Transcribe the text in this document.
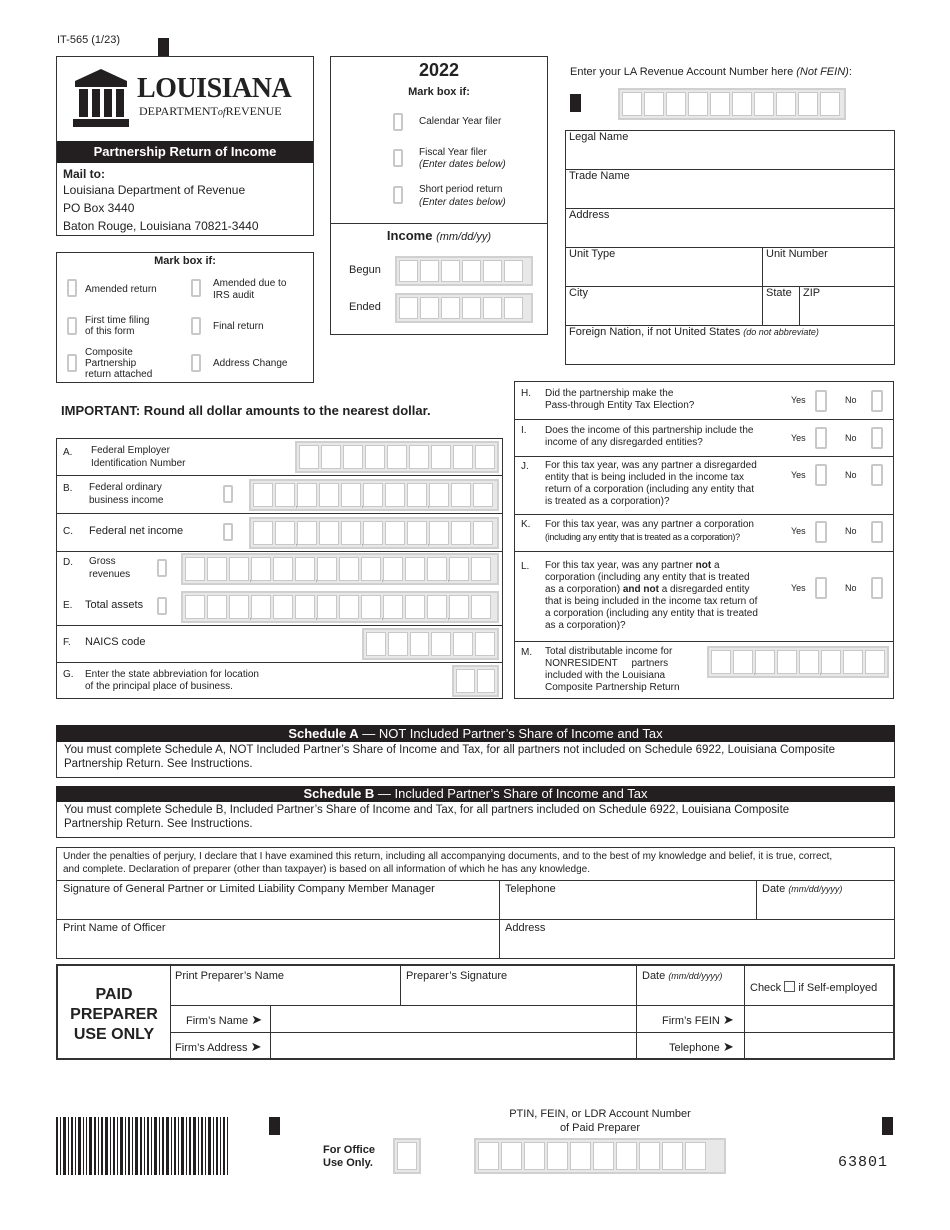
IT-565 (1/23)
LOUISIANA
DEPARTMENTofREVENUE
Partnership Return of Income
Mail to:
Louisiana Department of Revenue
PO Box 3440
Baton Rouge, Louisiana 70821-3440
2022
Mark box if:
Calendar Year filer
Fiscal Year filer
(Enter dates below)
Short period return
(Enter dates below)
Income (mm/dd/yy)
Begun
Ended
Enter your LA Revenue Account Number here (Not FEIN):
Legal Name
Trade Name
Address
Unit Type	Unit Number
City	State ZIP
Foreign Nation, if not United States (do not abbreviate)
Mark box if:
Amended return
Amended due to
IRS audit
First time filing
of this form	Final return
Composite
Partnership
return attached
Address Change
IMPORTANT: Round all dollar amounts to the nearest dollar.
A. Federal Employer
Identification Number
B. Federal ordinary
business income
,
,
,
C. Federal net income
,
,
,
D. Gross
revenues
,
,
,
,
E. Total assets
,
,
,
,
F. NAICS code
G. Enter the state abbreviation for location
of the principal place of business.
H. Did the partnership make the
Pass-through Entity Tax Election?	Yes	No
I. Does the income of this partnership include the
income of any disregarded entities?	Yes	No
J. For this tax year, was any partner a disregarded
entity that is being included in the income tax
return of a corporation (including any entity that
is treated as a corporation)?
Yes	No
K. For this tax year, was any partner a corporation
(including any entity that is treated as a corporation)?
Yes	No
L. For this tax year, was any partner not a
corporation (including any entity that is treated
as a corporation) and not a disregarded entity
that is being included in the income tax return of
a corporation (including any entity that is treated
as a corporation)?
Yes	No
M. Total distributable income for
NONRESIDENT     partners
included with the Louisiana
Composite Partnership Return
,
,
Schedule A — NOT Included Partner’s Share of Income and Tax
You must complete Schedule A, NOT Included Partner’s Share of Income and Tax, for all partners not included on Schedule 6922, Louisiana Composite
Partnership Return. See Instructions.
Schedule B — Included Partner’s Share of Income and Tax
You must complete Schedule B, Included Partner’s Share of Income and Tax, for all partners included on Schedule 6922, Louisiana Composite
Partnership Return. See Instructions.
Under the penalties of perjury, I declare that I have examined this return, including all accompanying documents, and to the best of my knowledge and belief, it is true, correct,
and complete. Declaration of preparer (other than taxpayer) is based on all information of which he has any knowledge.
Signature of General Partner or Limited Liability Company Member Manager	Telephone	Date (mm/dd/yyyy)
Print Name of Officer	Address
PAID
PREPARER
USE ONLY
Print Preparer’s Name	Preparer’s Signature	Date (mm/dd/yyyy)
Check if Self-employed
Firm’s Name ➤	Firm’s FEIN ➤
Firm’s Address ➤	Telephone ➤
For Office
Use Only.
PTIN, FEIN, or LDR Account Number
of Paid Preparer
63801
